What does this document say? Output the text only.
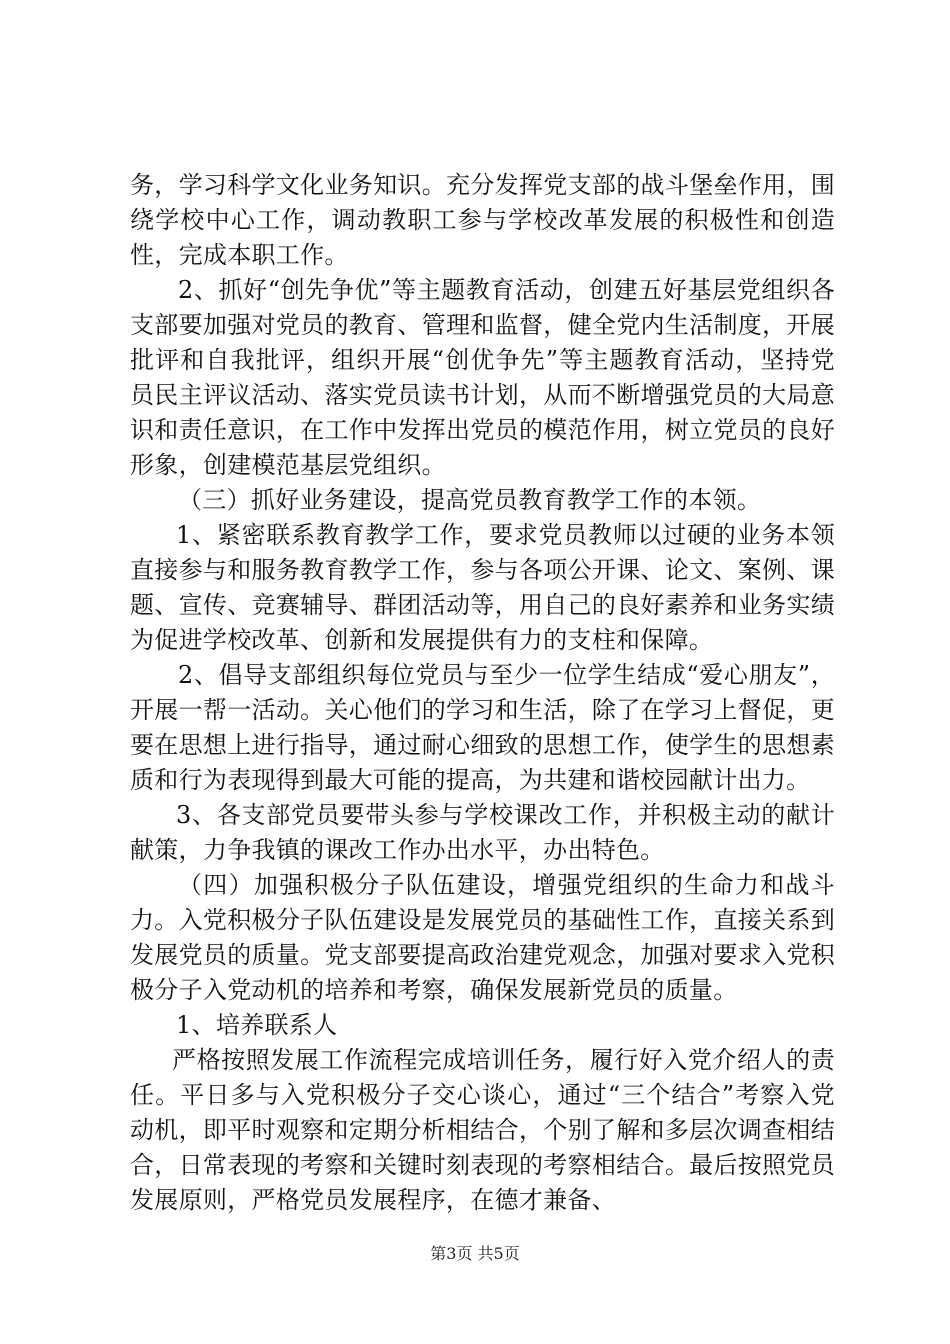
务，学习科学文化业务知识。充分发挥党支部的战斗堡垒作用，围绕学校中心工作，调动教职工参与学校改革发展的积极性和创造性，完成本职工作。

2、抓好“创先争优”等主题教育活动，创建五好基层党组织各支部要加强对党员的教育、管理和监督，健全党内生活制度，开展批评和自我批评，组织开展“创优争先”等主题教育活动，坚持党员民主评议活动、落实党员读书计划，从而不断增强党员的大局意识和责任意识，在工作中发挥出党员的模范作用，树立党员的良好形象，创建模范基层党组织。

（三）抓好业务建设，提高党员教育教学工作的本领。

1、紧密联系教育教学工作，要求党员教师以过硬的业务本领直接参与和服务教育教学工作，参与各项公开课、论文、案例、课题、宣传、竞赛辅导、群团活动等，用自己的良好素养和业务实绩为促进学校改革、创新和发展提供有力的支柱和保障。

2、倡导支部组织每位党员与至少一位学生结成“爱心朋友”，开展一帮一活动。关心他们的学习和生活，除了在学习上督促，更要在思想上进行指导，通过耐心细致的思想工作，使学生的思想素质和行为表现得到最大可能的提高，为共建和谐校园献计出力。

3、各支部党员要带头参与学校课改工作，并积极主动的献计献策，力争我镇的课改工作办出水平，办出特色。

（四）加强积极分子队伍建设，增强党组织的生命力和战斗力。入党积极分子队伍建设是发展党员的基础性工作，直接关系到发展党员的质量。党支部要提高政治建党观念，加强对要求入党积极分子入党动机的培养和考察，确保发展新党员的质量。

1、培养联系人

严格按照发展工作流程完成培训任务，履行好入党介绍人的责任。平日多与入党积极分子交心谈心，通过“三个结合”考察入党动机，即平时观察和定期分析相结合，个别了解和多层次调查相结合，日常表现的考察和关键时刻表现的考察相结合。最后按照党员发展原则，严格党员发展程序，在德才兼备、

第3页 共5页
